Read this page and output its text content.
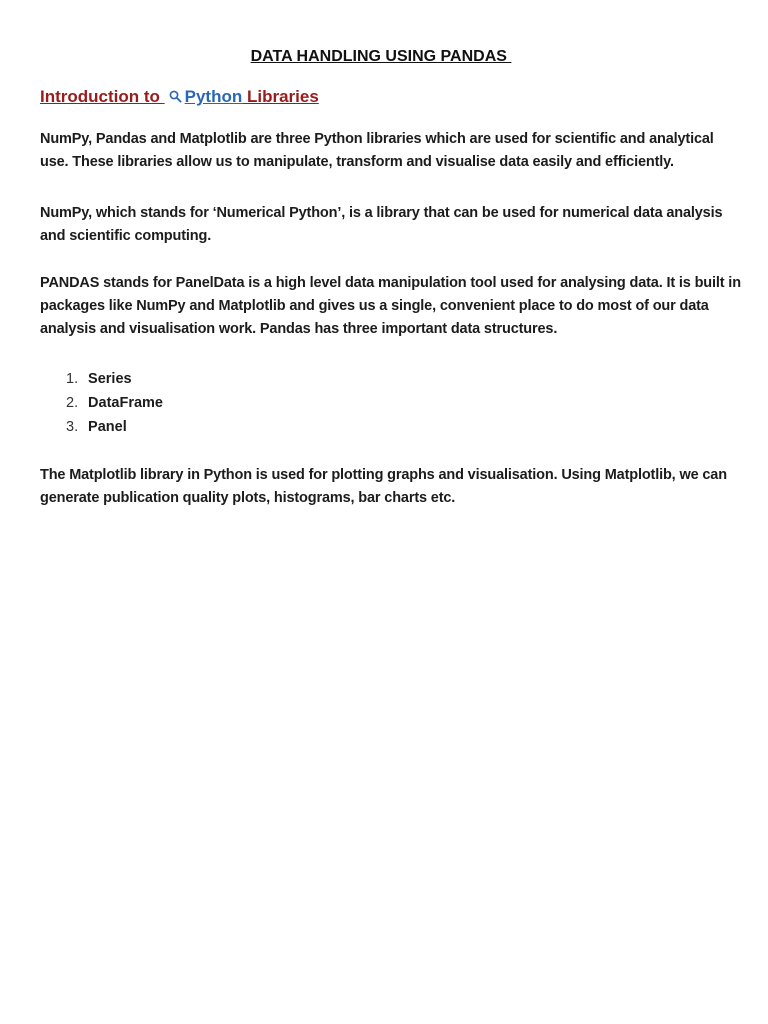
DATA HANDLING USING PANDAS
Introduction to Python Libraries
NumPy, Pandas and Matplotlib are three Python libraries which are used for scientific and analytical use. These libraries allow us to manipulate, transform and visualise data easily and efficiently.
NumPy, which stands for ‘Numerical Python’, is a library that can be used for numerical data analysis and scientific computing.
PANDAS stands for PanelData is a high level data manipulation tool used for analysing data. It is built in packages like NumPy and Matplotlib and gives us a single, convenient place to do most of our data analysis and visualisation work. Pandas has three important data structures.
1. Series
2. DataFrame
3. Panel
The Matplotlib library in Python is used for plotting graphs and visualisation. Using Matplotlib, we can generate publication quality plots, histograms, bar charts etc.
